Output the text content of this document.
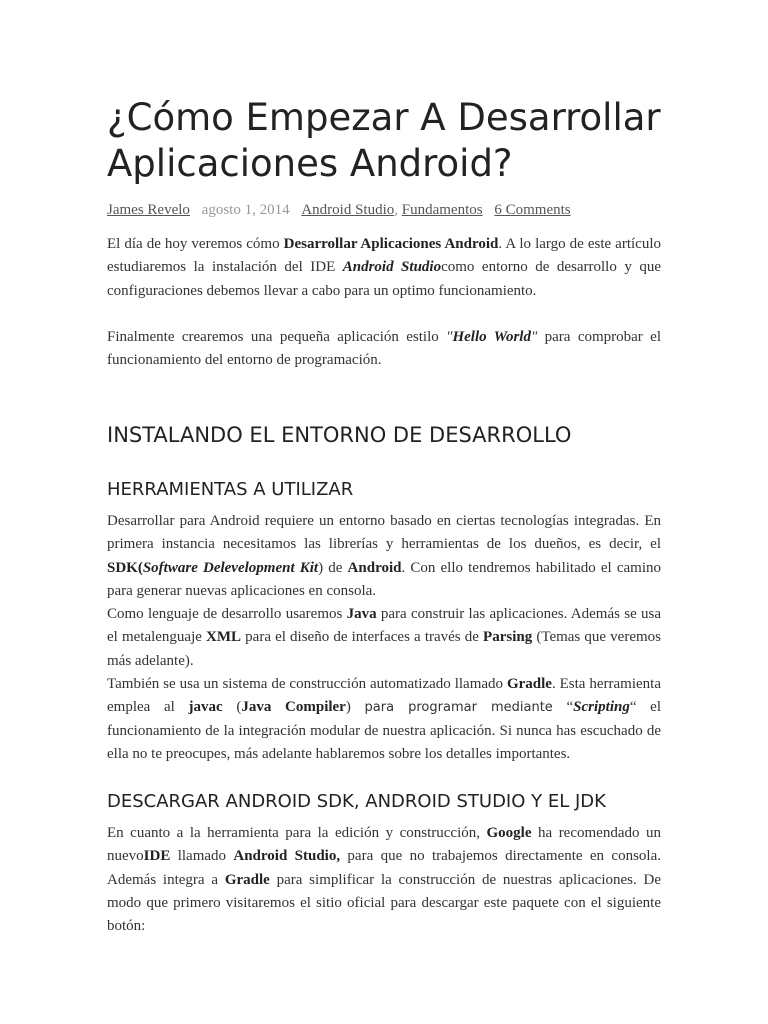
¿Cómo Empezar A Desarrollar Aplicaciones Android?
James Revelo agosto 1, 2014 Android Studio, Fundamentos 6 Comments

El día de hoy veremos cómo Desarrollar Aplicaciones Android. A lo largo de este artículo estudiaremos la instalación del IDE Android Studiocomo entorno de desarrollo y que configuraciones debemos llevar a cabo para un optimo funcionamiento.

Finalmente crearemos una pequeña aplicación estilo "Hello World" para comprobar el funcionamiento del entorno de programación.

INSTALANDO EL ENTORNO DE DESARROLLO
HERRAMIENTAS A UTILIZAR

Desarrollar para Android requiere un entorno basado en ciertas tecnologías integradas. En primera instancia necesitamos las librerías y herramientas de los dueños, es decir, el SDK(Software Delevelopment Kit) de Android. Con ello tendremos habilitado el camino para generar nuevas aplicaciones en consola.

Como lenguaje de desarrollo usaremos Java para construir las aplicaciones. Además se usa el metalenguaje XML para el diseño de interfaces a través de Parsing (Temas que veremos más adelante).

También se usa un sistema de construcción automatizado llamado Gradle. Esta herramienta emplea al javac (Java Compiler) para programar mediante “Scripting“ el funcionamiento de la integración modular de nuestra aplicación. Si nunca has escuchado de ella no te preocupes, más adelante hablaremos sobre los detalles importantes.

DESCARGAR ANDROID SDK, ANDROID STUDIO Y EL JDK

En cuanto a la herramienta para la edición y construcción, Google ha recomendado un nuevoIDE llamado Android Studio, para que no trabajemos directamente en consola. Además integra a Gradle para simplificar la construcción de nuestras aplicaciones. De modo que primero visitaremos el sitio oficial para descargar este paquete con el siguiente botón:
